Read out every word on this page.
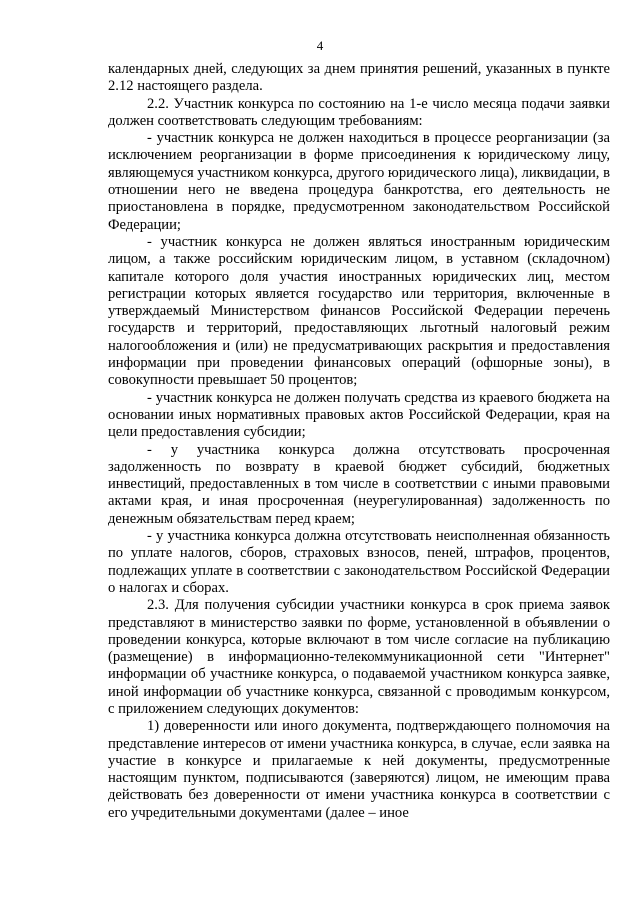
4

календарных дней, следующих за днем принятия решений, указанных в пункте 2.12 настоящего раздела.

2.2. Участник конкурса по состоянию на 1-е число месяца подачи заявки должен соответствовать следующим требованиям:

- участник конкурса не должен находиться в процессе реорганизации (за исключением реорганизации в форме присоединения к юридическому лицу, являющемуся участником конкурса, другого юридического лица), ликвидации, в отношении него не введена процедура банкротства, его деятельность не приостановлена в порядке, предусмотренном законодательством Российской Федерации;

- участник конкурса не должен являться иностранным юридическим лицом, а также российским юридическим лицом, в уставном (складочном) капитале которого доля участия иностранных юридических лиц, местом регистрации которых является государство или территория, включенные в утверждаемый Министерством финансов Российской Федерации перечень государств и территорий, предоставляющих льготный налоговый режим налогообложения и (или) не предусматривающих раскрытия и предоставления информации при проведении финансовых операций (офшорные зоны), в совокупности превышает 50 процентов;

- участник конкурса не должен получать средства из краевого бюджета на основании иных нормативных правовых актов Российской Федерации, края на цели предоставления субсидии;

- у участника конкурса должна отсутствовать просроченная задолженность по возврату в краевой бюджет субсидий, бюджетных инвестиций, предоставленных в том числе в соответствии с иными правовыми актами края, и иная просроченная (неурегулированная) задолженность по денежным обязательствам перед краем;

- у участника конкурса должна отсутствовать неисполненная обязанность по уплате налогов, сборов, страховых взносов, пеней, штрафов, процентов, подлежащих уплате в соответствии с законодательством Российской Федерации о налогах и сборах.

2.3. Для получения субсидии участники конкурса в срок приема заявок представляют в министерство заявки по форме, установленной в объявлении о проведении конкурса, которые включают в том числе согласие на публикацию (размещение) в информационно-телекоммуникационной сети "Интернет" информации об участнике конкурса, о подаваемой участником конкурса заявке, иной информации об участнике конкурса, связанной с проводимым конкурсом, с приложением следующих документов:

1) доверенности или иного документа, подтверждающего полномочия на представление интересов от имени участника конкурса, в случае, если заявка на участие в конкурсе и прилагаемые к ней документы, предусмотренные настоящим пунктом, подписываются (заверяются) лицом, не имеющим права действовать без доверенности от имени участника конкурса в соответствии с его учредительными документами (далее – иное
